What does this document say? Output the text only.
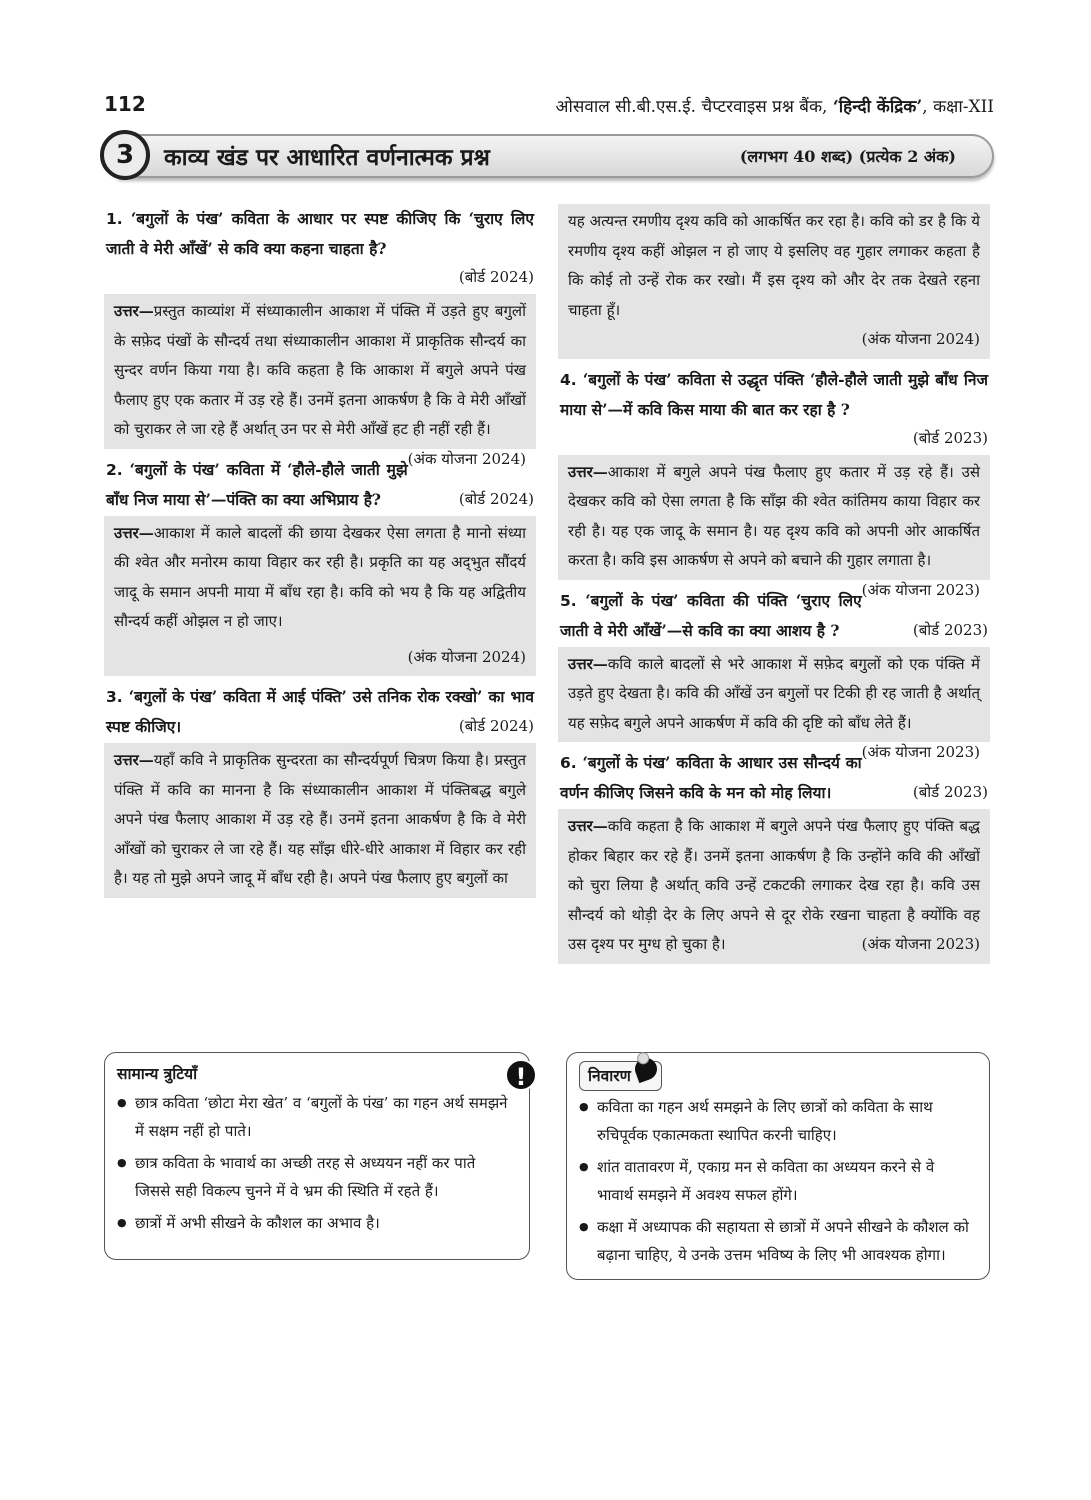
112	ओसवाल सी.बी.एस.ई. चैप्टरवाइस प्रश्न बैंक, ‘हिन्दी केंद्रिक’, कक्षा-XII
3	काव्य खंड पर आधारित वर्णनात्मक प्रश्न	(लगभग 40 शब्द) (प्रत्येक 2 अंक)
1. ‘बगुलों के पंख’ कविता के आधार पर स्पष्ट कीजिए कि ‘चुराए लिए जाती वे मेरी आँखें’ से कवि क्या कहना चाहता है?
(बोर्ड 2024)
उत्तर—प्रस्तुत काव्यांश में संध्याकालीन आकाश में पंक्ति में उड़ते हुए बगुलों के सफ़ेद पंखों के सौन्दर्य तथा संध्याकालीन आकाश में प्राकृतिक सौन्दर्य का सुन्दर वर्णन किया गया है। कवि कहता है कि आकाश में बगुले अपने पंख फैलाए हुए एक कतार में उड़ रहे हैं। उनमें इतना आकर्षण है कि वे मेरी आँखों को चुराकर ले जा रहे हैं अर्थात् उन पर से मेरी आँखें हट ही नहीं रही हैं।
(अंक योजना 2024)
2. ‘बगुलों के पंख’ कविता में ‘हौले-हौले जाती मुझे बाँध निज माया से’—पंक्ति का क्या अभिप्राय है?	(बोर्ड 2024)
उत्तर—आकाश में काले बादलों की छाया देखकर ऐसा लगता है मानो संध्या की श्वेत और मनोरम काया विहार कर रही है। प्रकृति का यह अद्‌भुत सौंदर्य जादू के समान अपनी माया में बाँध रहा है। कवि को भय है कि यह अद्वितीय सौन्दर्य कहीं ओझल न हो जाए।
(अंक योजना 2024)
3. ‘बगुलों के पंख’ कविता में आई पंक्ति’ उसे तनिक रोक रक्खो’ का भाव स्पष्ट कीजिए।	(बोर्ड 2024)
उत्तर—यहाँ कवि ने प्राकृतिक सुन्दरता का सौन्दर्यपूर्ण चित्रण किया है। प्रस्तुत पंक्ति में कवि का मानना है कि संध्याकालीन आकाश में पंक्तिबद्ध बगुले अपने पंख फैलाए आकाश में उड़ रहे हैं। उनमें इतना आकर्षण है कि वे मेरी आँखों को चुराकर ले जा रहे हैं। यह साँझ धीरे-धीरे आकाश में विहार कर रही है। यह तो मुझे अपने जादू में बाँध रही है। अपने पंख फैलाए हुए बगुलों का
यह अत्यन्त रमणीय दृश्य कवि को आकर्षित कर रहा है। कवि को डर है कि ये रमणीय दृश्य कहीं ओझल न हो जाए ये इसलिए वह गुहार लगाकर कहता है कि कोई तो उन्हें रोक कर रखो। मैं इस दृश्य को और देर तक देखते रहना चाहता हूँ।
(अंक योजना 2024)
4. ‘बगुलों के पंख’ कविता से उद्धृत पंक्ति ‘हौले-हौले जाती मुझे बाँध निज माया से’—में कवि किस माया की बात कर रहा है ?
(बोर्ड 2023)
उत्तर—आकाश में बगुले अपने पंख फैलाए हुए कतार में उड़ रहे हैं। उसे देखकर कवि को ऐसा लगता है कि साँझ की श्वेत कांतिमय काया विहार कर रही है। यह एक जादू के समान है। यह दृश्य कवि को अपनी ओर आकर्षित करता है। कवि इस आकर्षण से अपने को बचाने की गुहार लगाता है।
(अंक योजना 2023)
5. ‘बगुलों के पंख’ कविता की पंक्ति ‘चुराए लिए जाती वे मेरी आँखें’—से कवि का क्या आशय है ?	(बोर्ड 2023)
उत्तर—कवि काले बादलों से भरे आकाश में सफ़ेद बगुलों को एक पंक्ति में उड़ते हुए देखता है। कवि की आँखें उन बगुलों पर टिकी ही रह जाती है अर्थात् यह सफ़ेद बगुले अपने आकर्षण में कवि की दृष्टि को बाँध लेते हैं।
(अंक योजना 2023)
6. ‘बगुलों के पंख’ कविता के आधार उस सौन्दर्य का वर्णन कीजिए जिसने कवि के मन को मोह लिया।	(बोर्ड 2023)
उत्तर—कवि कहता है कि आकाश में बगुले अपने पंख फैलाए हुए पंक्ति बद्ध होकर बिहार कर रहे हैं। उनमें इतना आकर्षण है कि उन्होंने कवि की आँखों को चुरा लिया है अर्थात् कवि उन्हें टकटकी लगाकर देख रहा है। कवि उस सौन्दर्य को थोड़ी देर के लिए अपने से दूर रोके रखना चाहता है क्योंकि वह उस दृश्य पर मुग्ध हो चुका है।	(अंक योजना 2023)
सामान्य त्रुटियाँ	!
● छात्र कविता ‘छोटा मेरा खेत’ व ‘बगुलों के पंख’ का गहन अर्थ समझने में सक्षम नहीं हो पाते।
● छात्र कविता के भावार्थ का अच्छी तरह से अध्ययन नहीं कर पाते जिससे सही विकल्प चुनने में वे भ्रम की स्थिति में रहते हैं।
● छात्रों में अभी सीखने के कौशल का अभाव है।
निवारण
● कविता का गहन अर्थ समझने के लिए छात्रों को कविता के साथ रुचिपूर्वक एकात्मकता स्थापित करनी चाहिए।
● शांत वातावरण में, एकाग्र मन से कविता का अध्ययन करने से वे भावार्थ समझने में अवश्य सफल होंगे।
● कक्षा में अध्यापक की सहायता से छात्रों में अपने सीखने के कौशल को बढ़ाना चाहिए, ये उनके उत्तम भविष्य के लिए भी आवश्यक होगा।
